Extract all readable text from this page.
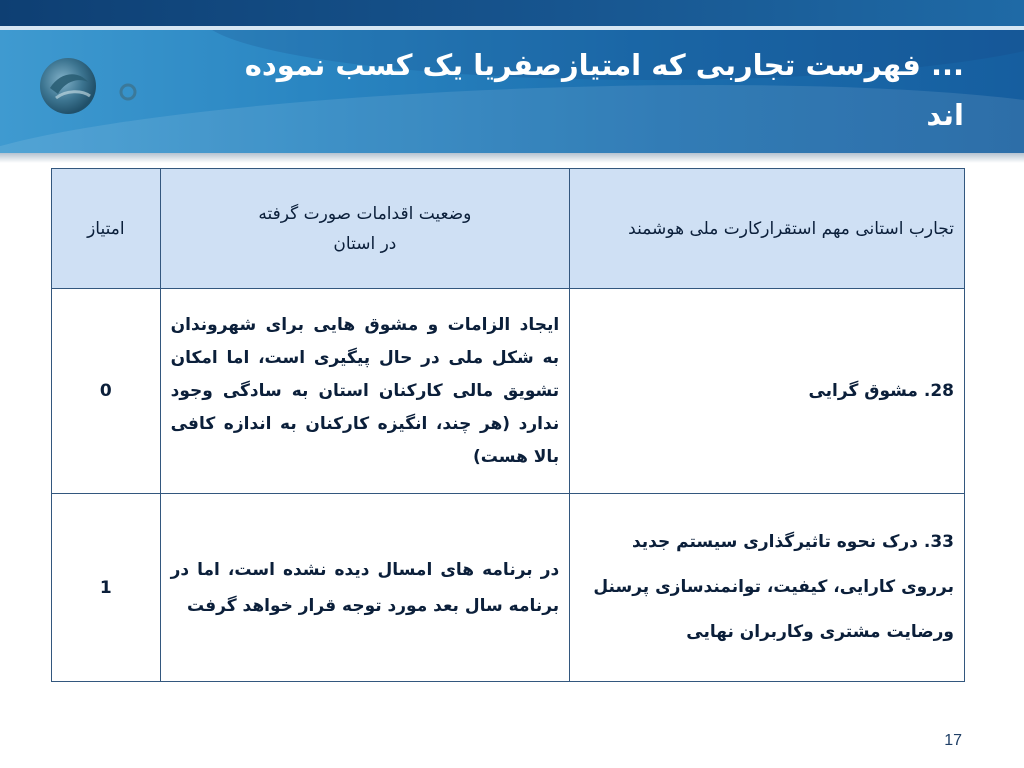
... فهرست تجاربی که امتیازصفریا یک کسب نموده اند
تجارب استانی مهم استقرارکارت ملی هوشمند	وضعیت اقدامات صورت گرفته در استان	امتیاز

28. مشوق گرایی	ایجاد الزامات و مشوق هایی برای شهروندان به شکل ملی در حال پیگیری است، اما امکان تشویق مالی کارکنان استان به سادگی وجود ندارد (هر چند، انگیزه کارکنان به اندازه کافی بالا هست)	0

33. درک نحوه تاثیرگذاری سیستم جدید برروی کارایی، کیفیت، توانمندسازی پرسنل ورضایت مشتری وکاربران نهایی	در برنامه های امسال دیده نشده است، اما در برنامه سال بعد مورد توجه قرار خواهد گرفت	1
17
